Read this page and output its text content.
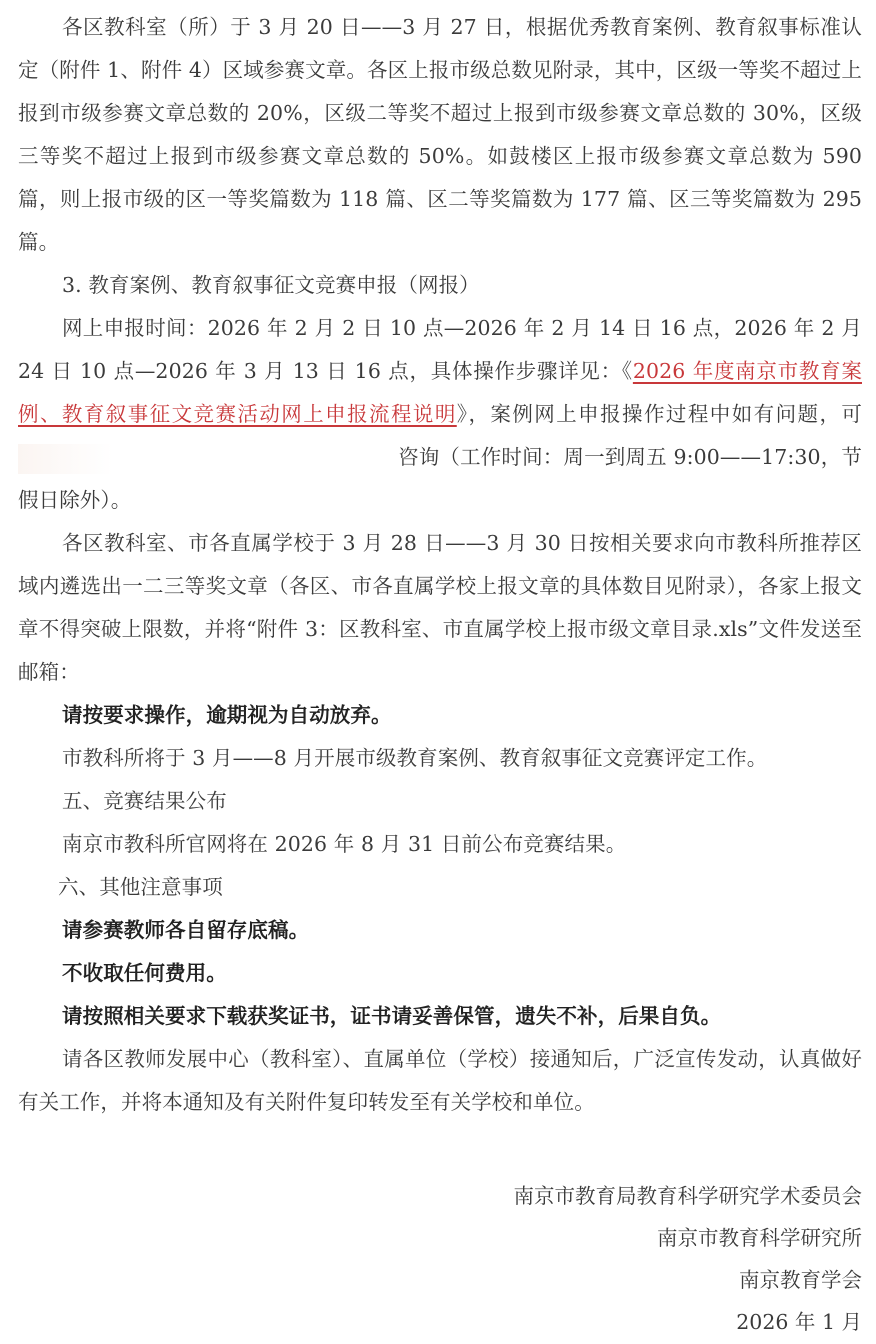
各区教科室（所）于 3 月 20 日——3 月 27 日，根据优秀教育案例、教育叙事标准认定（附件 1、附件 4）区域参赛文章。各区上报市级总数见附录，其中，区级一等奖不超过上报到市级参赛文章总数的 20%，区级二等奖不超过上报到市级参赛文章总数的 30%，区级三等奖不超过上报到市级参赛文章总数的 50%。如鼓楼区上报市级参赛文章总数为 590 篇，则上报市级的区一等奖篇数为 118 篇、区二等奖篇数为 177 篇、区三等奖篇数为 295 篇。

3. 教育案例、教育叙事征文竞赛申报（网报）

网上申报时间：2026 年 2 月 2 日 10 点—2026 年 2 月 14 日 16 点，2026 年 2 月 24 日 10 点—2026 年 3 月 13 日 16 点，具体操作步骤详见：《2026 年度南京市教育案例、教育叙事征文竞赛活动网上申报流程说明》，案例网上申报操作过程中如有问题，可咨询（工作时间：周一到周五 9:00——17:30，节假日除外）。

各区教科室、市各直属学校于 3 月 28 日——3 月 30 日按相关要求向市教科所推荐区域内遴选出一二三等奖文章（各区、市各直属学校上报文章的具体数目见附录），各家上报文章不得突破上限数，并将“附件 3：区教科室、市直属学校上报市级文章目录.xls”文件发送至邮箱：

请按要求操作，逾期视为自动放弃。

市教科所将于 3 月——8 月开展市级教育案例、教育叙事征文竞赛评定工作。

五、竞赛结果公布

南京市教科所官网将在 2026 年 8 月 31 日前公布竞赛结果。

六、其他注意事项

请参赛教师各自留存底稿。

不收取任何费用。

请按照相关要求下载获奖证书，证书请妥善保管，遗失不补，后果自负。

请各区教师发展中心（教科室）、直属单位（学校）接通知后，广泛宣传发动，认真做好有关工作，并将本通知及有关附件复印转发至有关学校和单位。

南京市教育局教育科学研究学术委员会
南京市教育科学研究所
南京教育学会
2026 年 1 月
